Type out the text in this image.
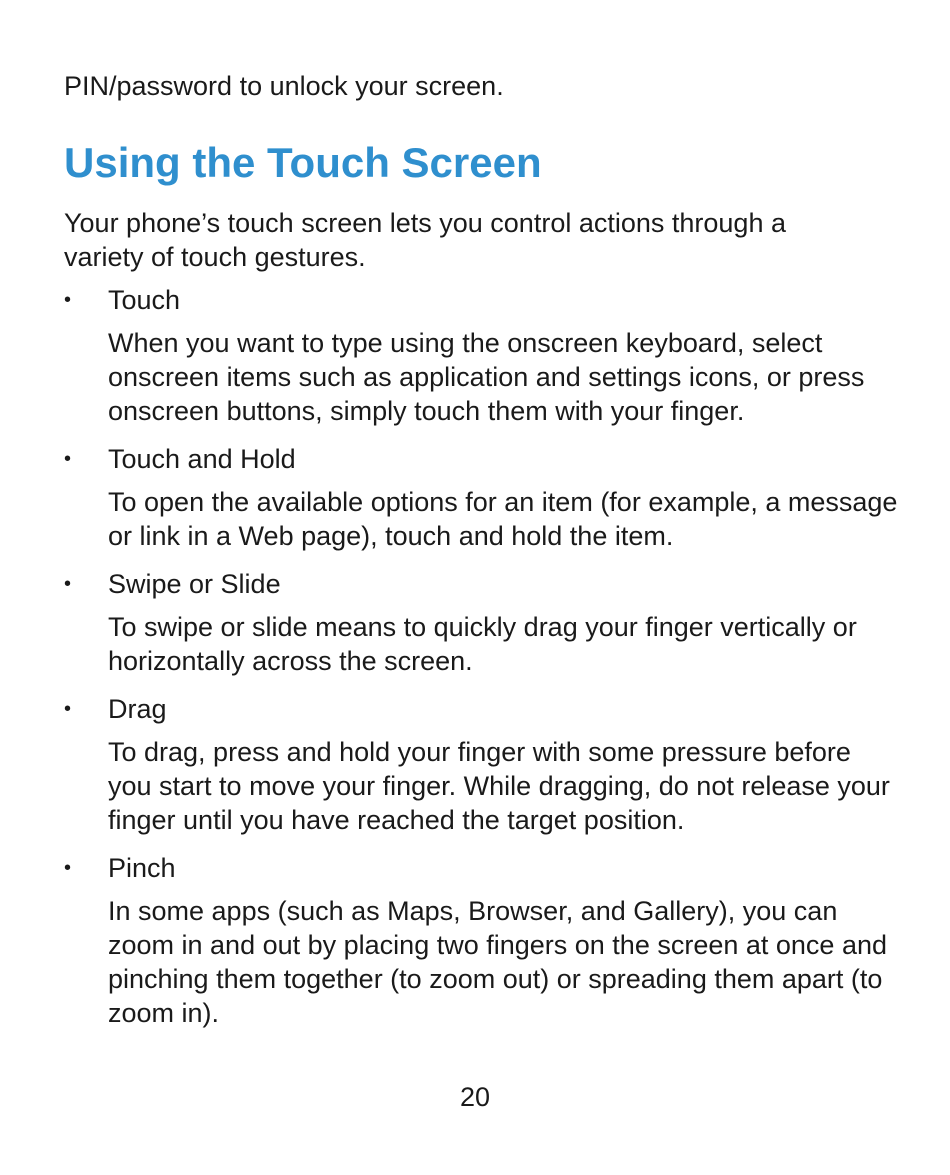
PIN/password to unlock your screen.
Using the Touch Screen

Your phone’s touch screen lets you control actions through a variety of touch gestures.

• Touch
When you want to type using the onscreen keyboard, select onscreen items such as application and settings icons, or press onscreen buttons, simply touch them with your finger.
• Touch and Hold
To open the available options for an item (for example, a message or link in a Web page), touch and hold the item.
• Swipe or Slide
To swipe or slide means to quickly drag your finger vertically or horizontally across the screen.
• Drag
To drag, press and hold your finger with some pressure before you start to move your finger. While dragging, do not release your finger until you have reached the target position.
• Pinch
In some apps (such as Maps, Browser, and Gallery), you can zoom in and out by placing two fingers on the screen at once and pinching them together (to zoom out) or spreading them apart (to zoom in).
20
